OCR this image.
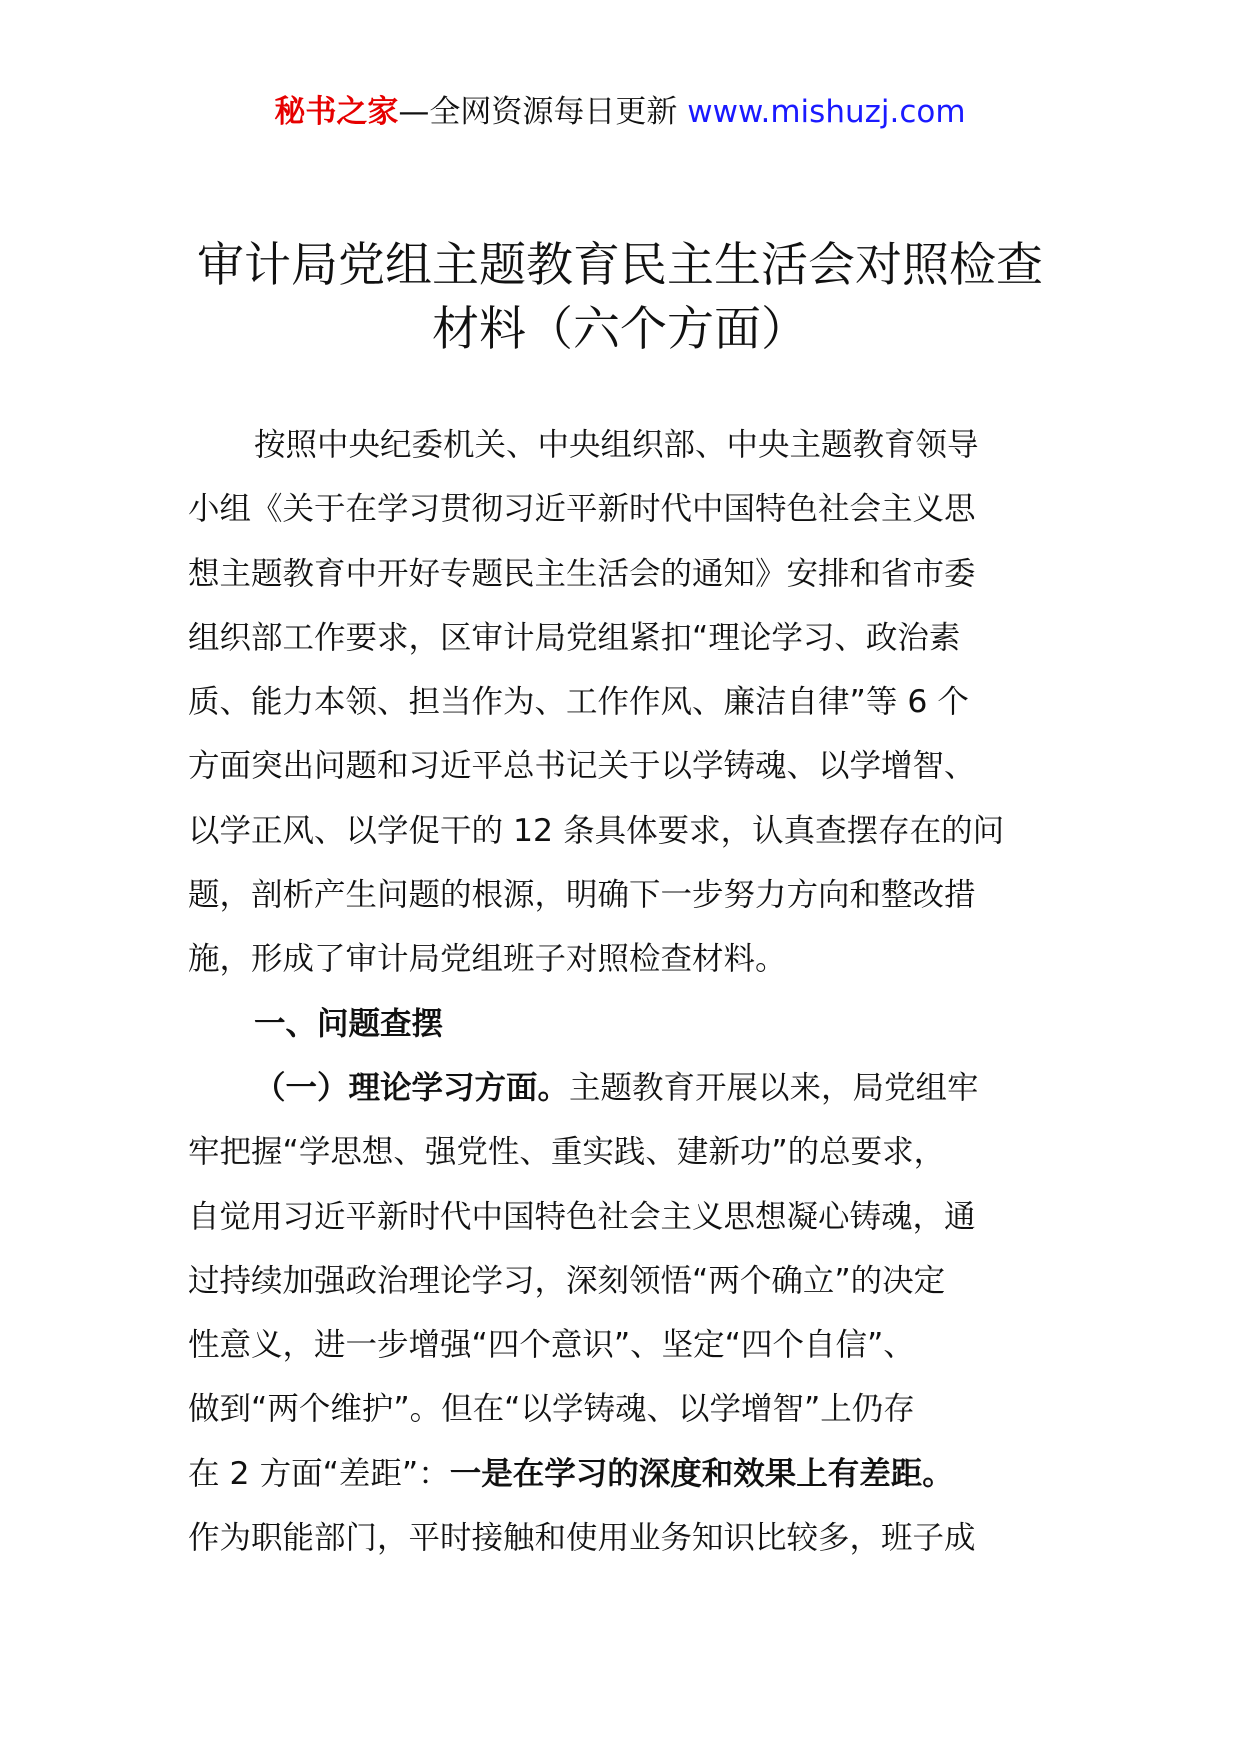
秘书之家—全网资源每日更新 www.mishuzj.com
审计局党组主题教育民主生活会对照检查
材料（六个方面）
按照中央纪委机关、中央组织部、中央主题教育领导
小组《关于在学习贯彻习近平新时代中国特色社会主义思
想主题教育中开好专题民主生活会的通知》安排和省市委
组织部工作要求，区审计局党组紧扣“理论学习、政治素
质、能力本领、担当作为、工作作风、廉洁自律”等 6 个
方面突出问题和习近平总书记关于以学铸魂、以学增智、
以学正风、以学促干的 12 条具体要求，认真查摆存在的问
题，剖析产生问题的根源，明确下一步努力方向和整改措
施，形成了审计局党组班子对照检查材料。
一、问题查摆
（一）理论学习方面。主题教育开展以来，局党组牢
牢把握“学思想、强党性、重实践、建新功”的总要求，
自觉用习近平新时代中国特色社会主义思想凝心铸魂，通
过持续加强政治理论学习，深刻领悟“两个确立”的决定
性意义，进一步增强“四个意识”、坚定“四个自信”、
做到“两个维护”。但在“以学铸魂、以学增智”上仍存
在 2 方面“差距”：一是在学习的深度和效果上有差距。
作为职能部门，平时接触和使用业务知识比较多，班子成
